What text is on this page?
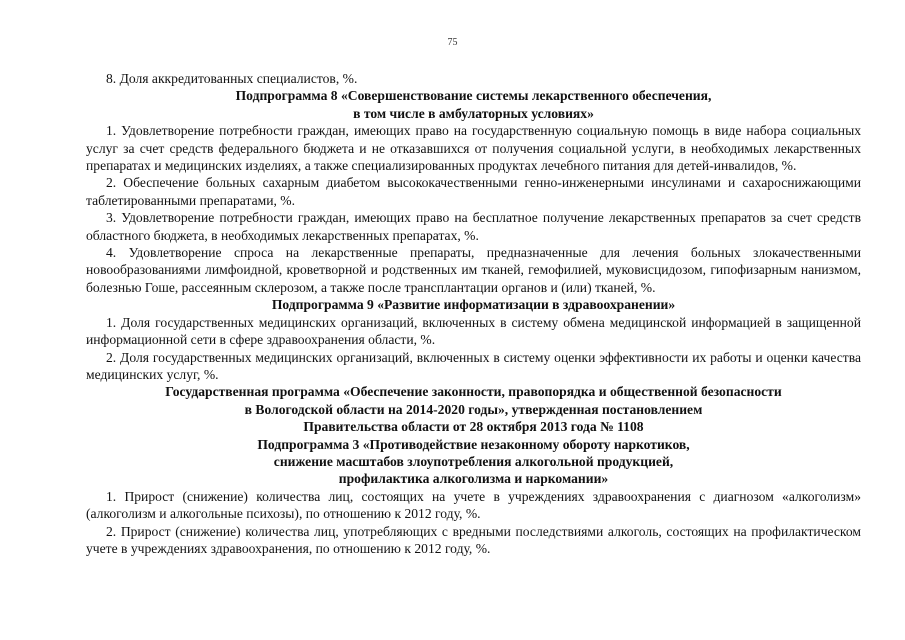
75

8. Доля аккредитованных специалистов, %.

Подпрограмма 8 «Совершенствование системы лекарственного обеспечения,
в том числе в амбулаторных условиях»

1. Удовлетворение потребности граждан, имеющих право на государственную социальную помощь в виде набора социальных услуг за счет средств федерального бюджета и не отказавшихся от получения социальной услуги, в необходимых лекарственных препаратах и медицинских изделиях, а также специализированных продуктах лечебного питания для детей-инвалидов, %.

2. Обеспечение больных сахарным диабетом высококачественными генно-инженерными инсулинами и сахароснижающими таблетированными препаратами, %.

3. Удовлетворение потребности граждан, имеющих право на бесплатное получение лекарственных препаратов за счет средств областного бюджета, в необходимых лекарственных препаратах, %.

4. Удовлетворение спроса на лекарственные препараты, предназначенные для лечения больных злокачественными новообразованиями лимфоидной, кроветворной и родственных им тканей, гемофилией, муковисцидозом, гипофизарным нанизмом, болезнью Гоше, рассеянным склерозом, а также после трансплантации органов и (или) тканей, %.

Подпрограмма 9 «Развитие информатизации в здравоохранении»

1. Доля государственных медицинских организаций, включенных в систему обмена медицинской информацией в защищенной информационной сети в сфере здравоохранения области, %.

2. Доля государственных медицинских организаций, включенных в систему оценки эффективности их работы и оценки качества медицинских услуг, %.

Государственная программа «Обеспечение законности, правопорядка и общественной безопасности
в Вологодской области на 2014-2020 годы», утвержденная постановлением
Правительства области от 28 октября 2013 года № 1108
Подпрограмма 3 «Противодействие незаконному обороту наркотиков,
снижение масштабов злоупотребления алкогольной продукцией,
профилактика алкоголизма и наркомании»

1. Прирост (снижение) количества лиц, состоящих на учете в учреждениях здравоохранения с диагнозом «алкоголизм» (алкоголизм и алкогольные психозы), по отношению к 2012 году, %.

2. Прирост (снижение) количества лиц, употребляющих с вредными последствиями алкоголь, состоящих на профилактическом учете в учреждениях здравоохранения, по отношению к 2012 году, %.
